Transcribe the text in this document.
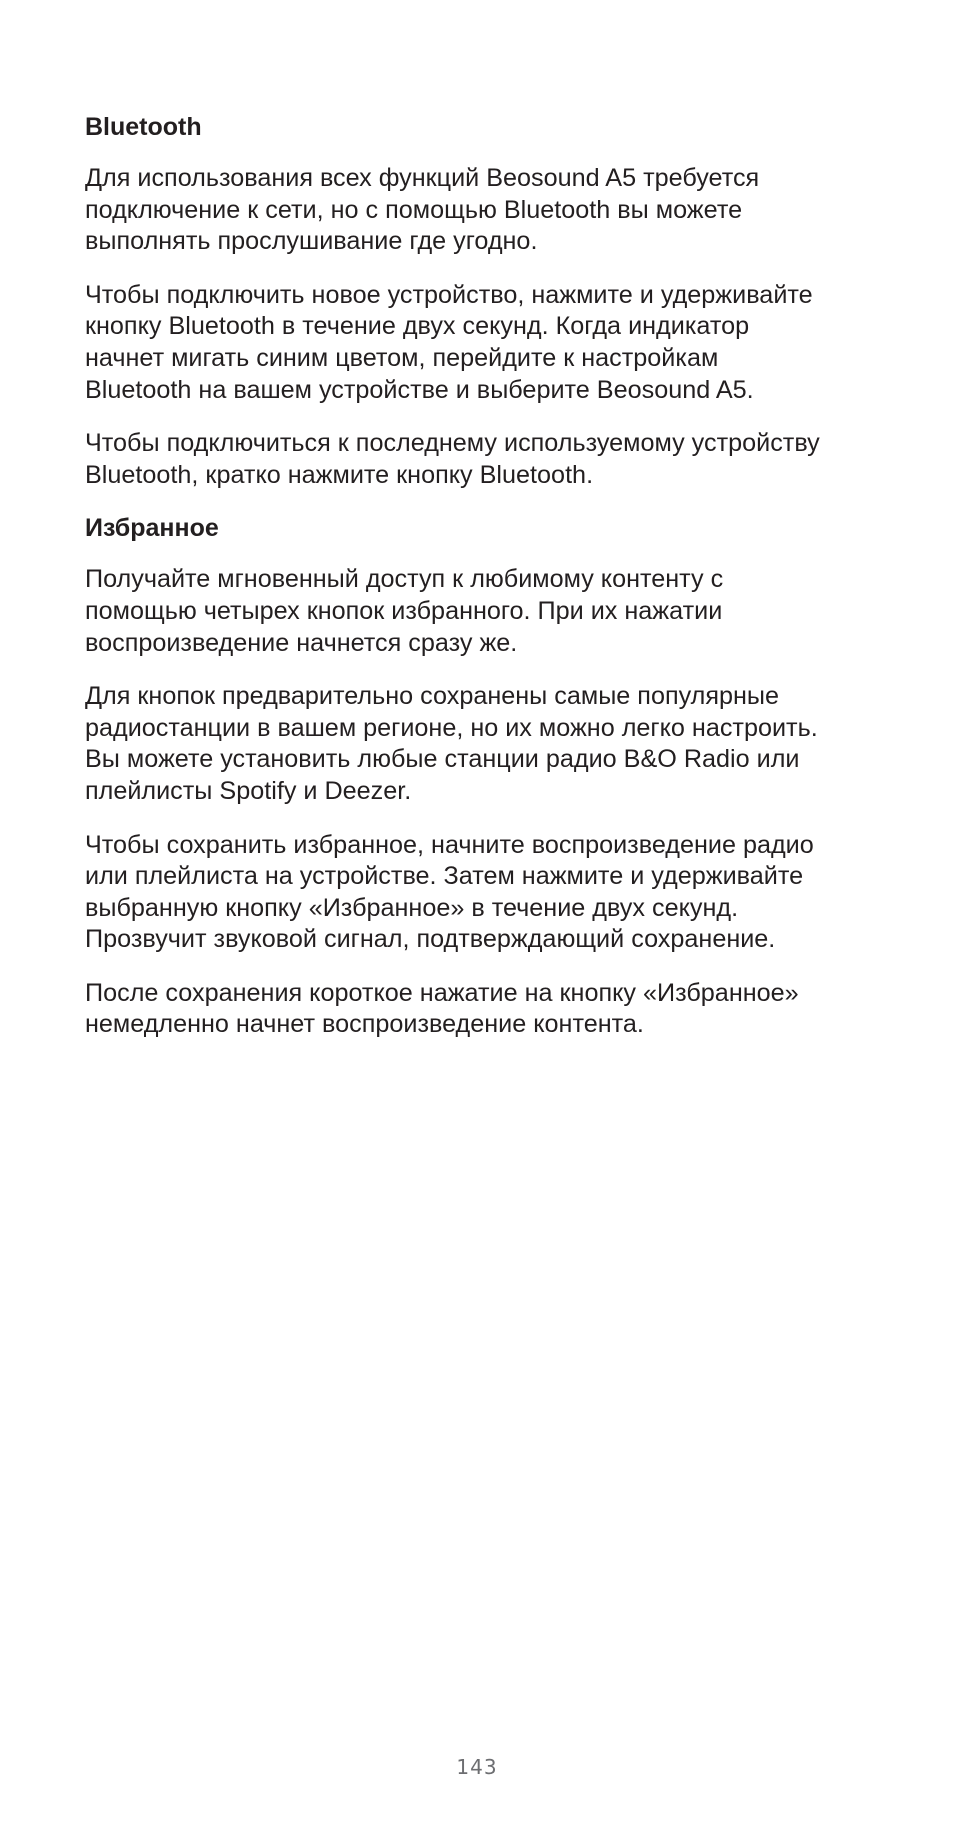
Bluetooth

Для использования всех функций Beosound A5 требуется
подключение к сети, но с помощью Bluetooth вы можете
выполнять прослушивание где угодно.

Чтобы подключить новое устройство, нажмите и удерживайте
кнопку Bluetooth в течение двух секунд. Когда индикатор
начнет мигать синим цветом, перейдите к настройкам
Bluetooth на вашем устройстве и выберите Beosound A5.

Чтобы подключиться к последнему используемому устройству
Bluetooth, кратко нажмите кнопку Bluetooth.

Избранное

Получайте мгновенный доступ к любимому контенту с
помощью четырех кнопок избранного. При их нажатии
воспроизведение начнется сразу же.

Для кнопок предварительно сохранены самые популярные
радиостанции в вашем регионе, но их можно легко настроить.
Вы можете установить любые станции радио B&O Radio или
плейлисты Spotify и Deezer.

Чтобы сохранить избранное, начните воспроизведение радио
или плейлиста на устройстве. Затем нажмите и удерживайте
выбранную кнопку «Избранное» в течение двух секунд.
Прозвучит звуковой сигнал, подтверждающий сохранение.

После сохранения короткое нажатие на кнопку «Избранное»
немедленно начнет воспроизведение контента.

143
